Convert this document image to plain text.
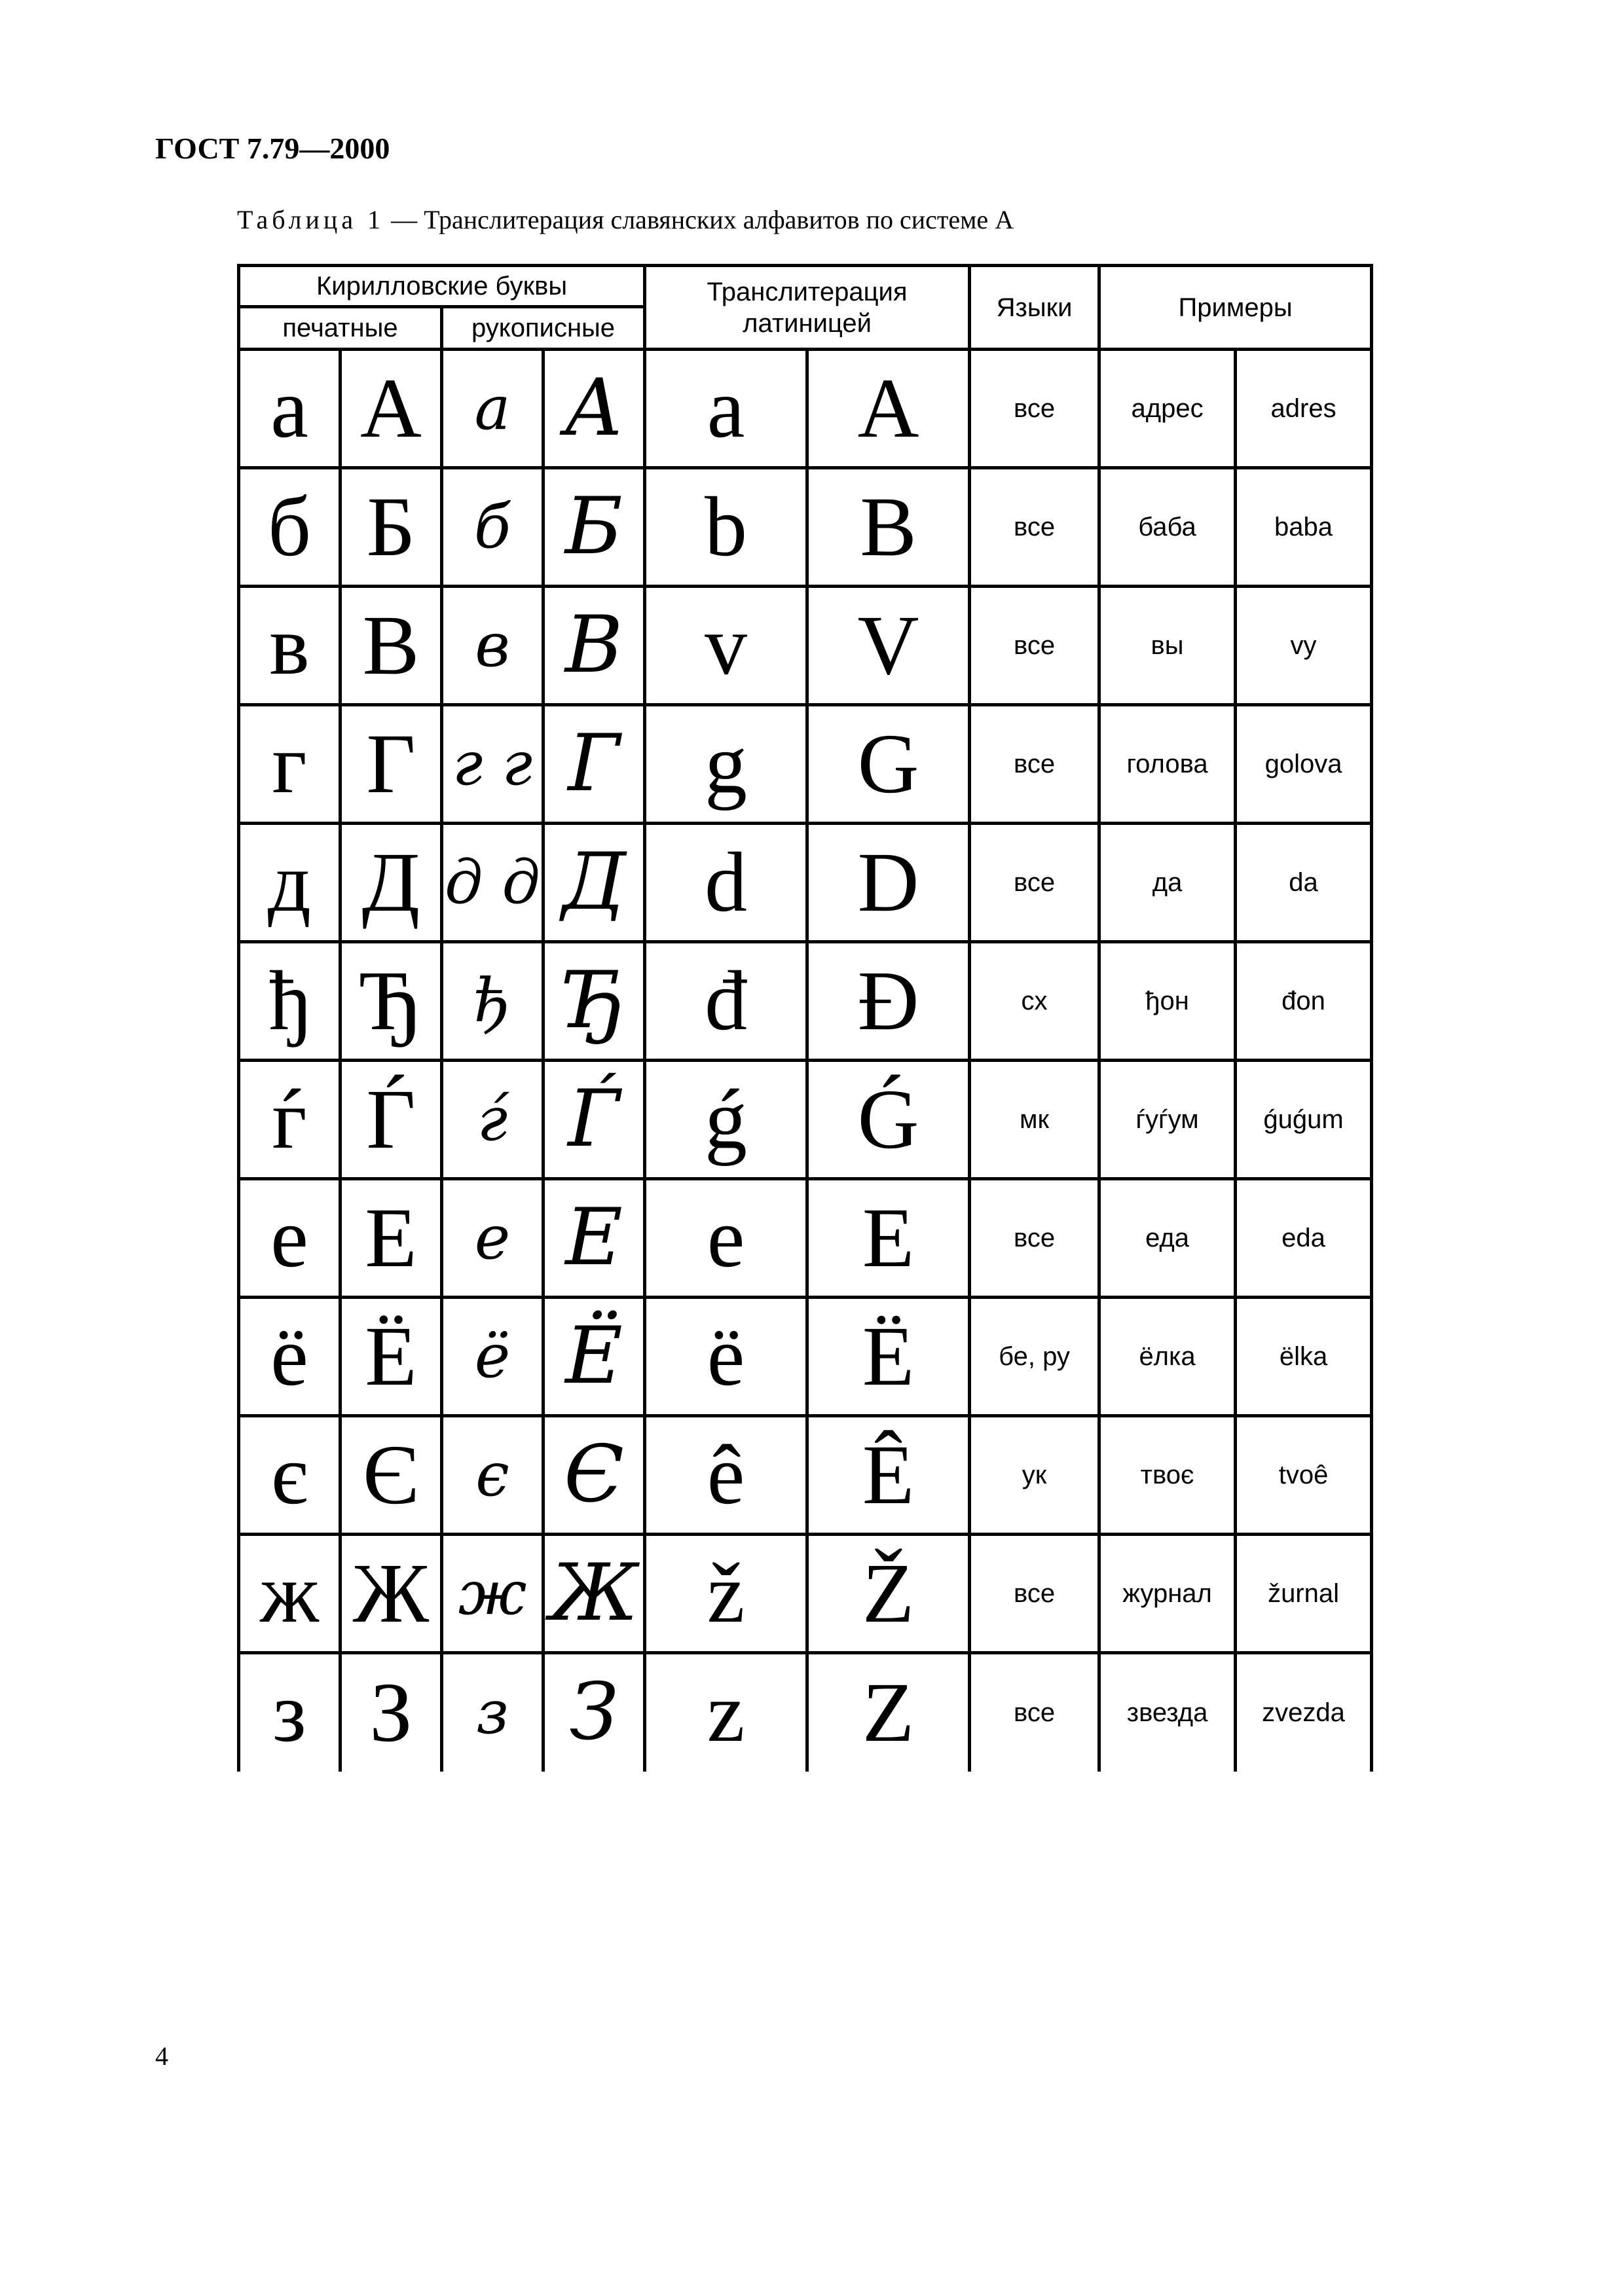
ГОСТ 7.79—2000
Таблица 1 — Транслитерация славянских алфавитов по системе А
Кирилловские буквы				Транслитерация латиницей		Языки	Примеры	
печатные		рукописные						
а	А	a	A	a	A	все	адрес	adres
б	Б	б	Б	b	B	все	баба	baba
в	В	в	В	v	V	все	вы	vy
г	Г	г г	Г	g	G	все	голова	golova
д	Д	д д	Д	d	D	все	да	da
ђ	Ђ	ђ	Ђ	đ	Đ	сх	ђон	đon
ѓ	Ѓ	ѓ	Ѓ	ǵ	Ǵ	мк	ѓуѓум	ǵuǵum
е	Е	е	Е	e	E	все	еда	eda
ё	Ё	ё	Ё	ë	Ë	бе, ру	ёлка	ëlka
є	Є	є	Є	ê	Ê	ук	твоє	tvoê
ж	Ж	ж	Ж	ž	Ž	все	журнал	žurnal
з	З	з	З	z	Z	все	звезда	zvezda
4
